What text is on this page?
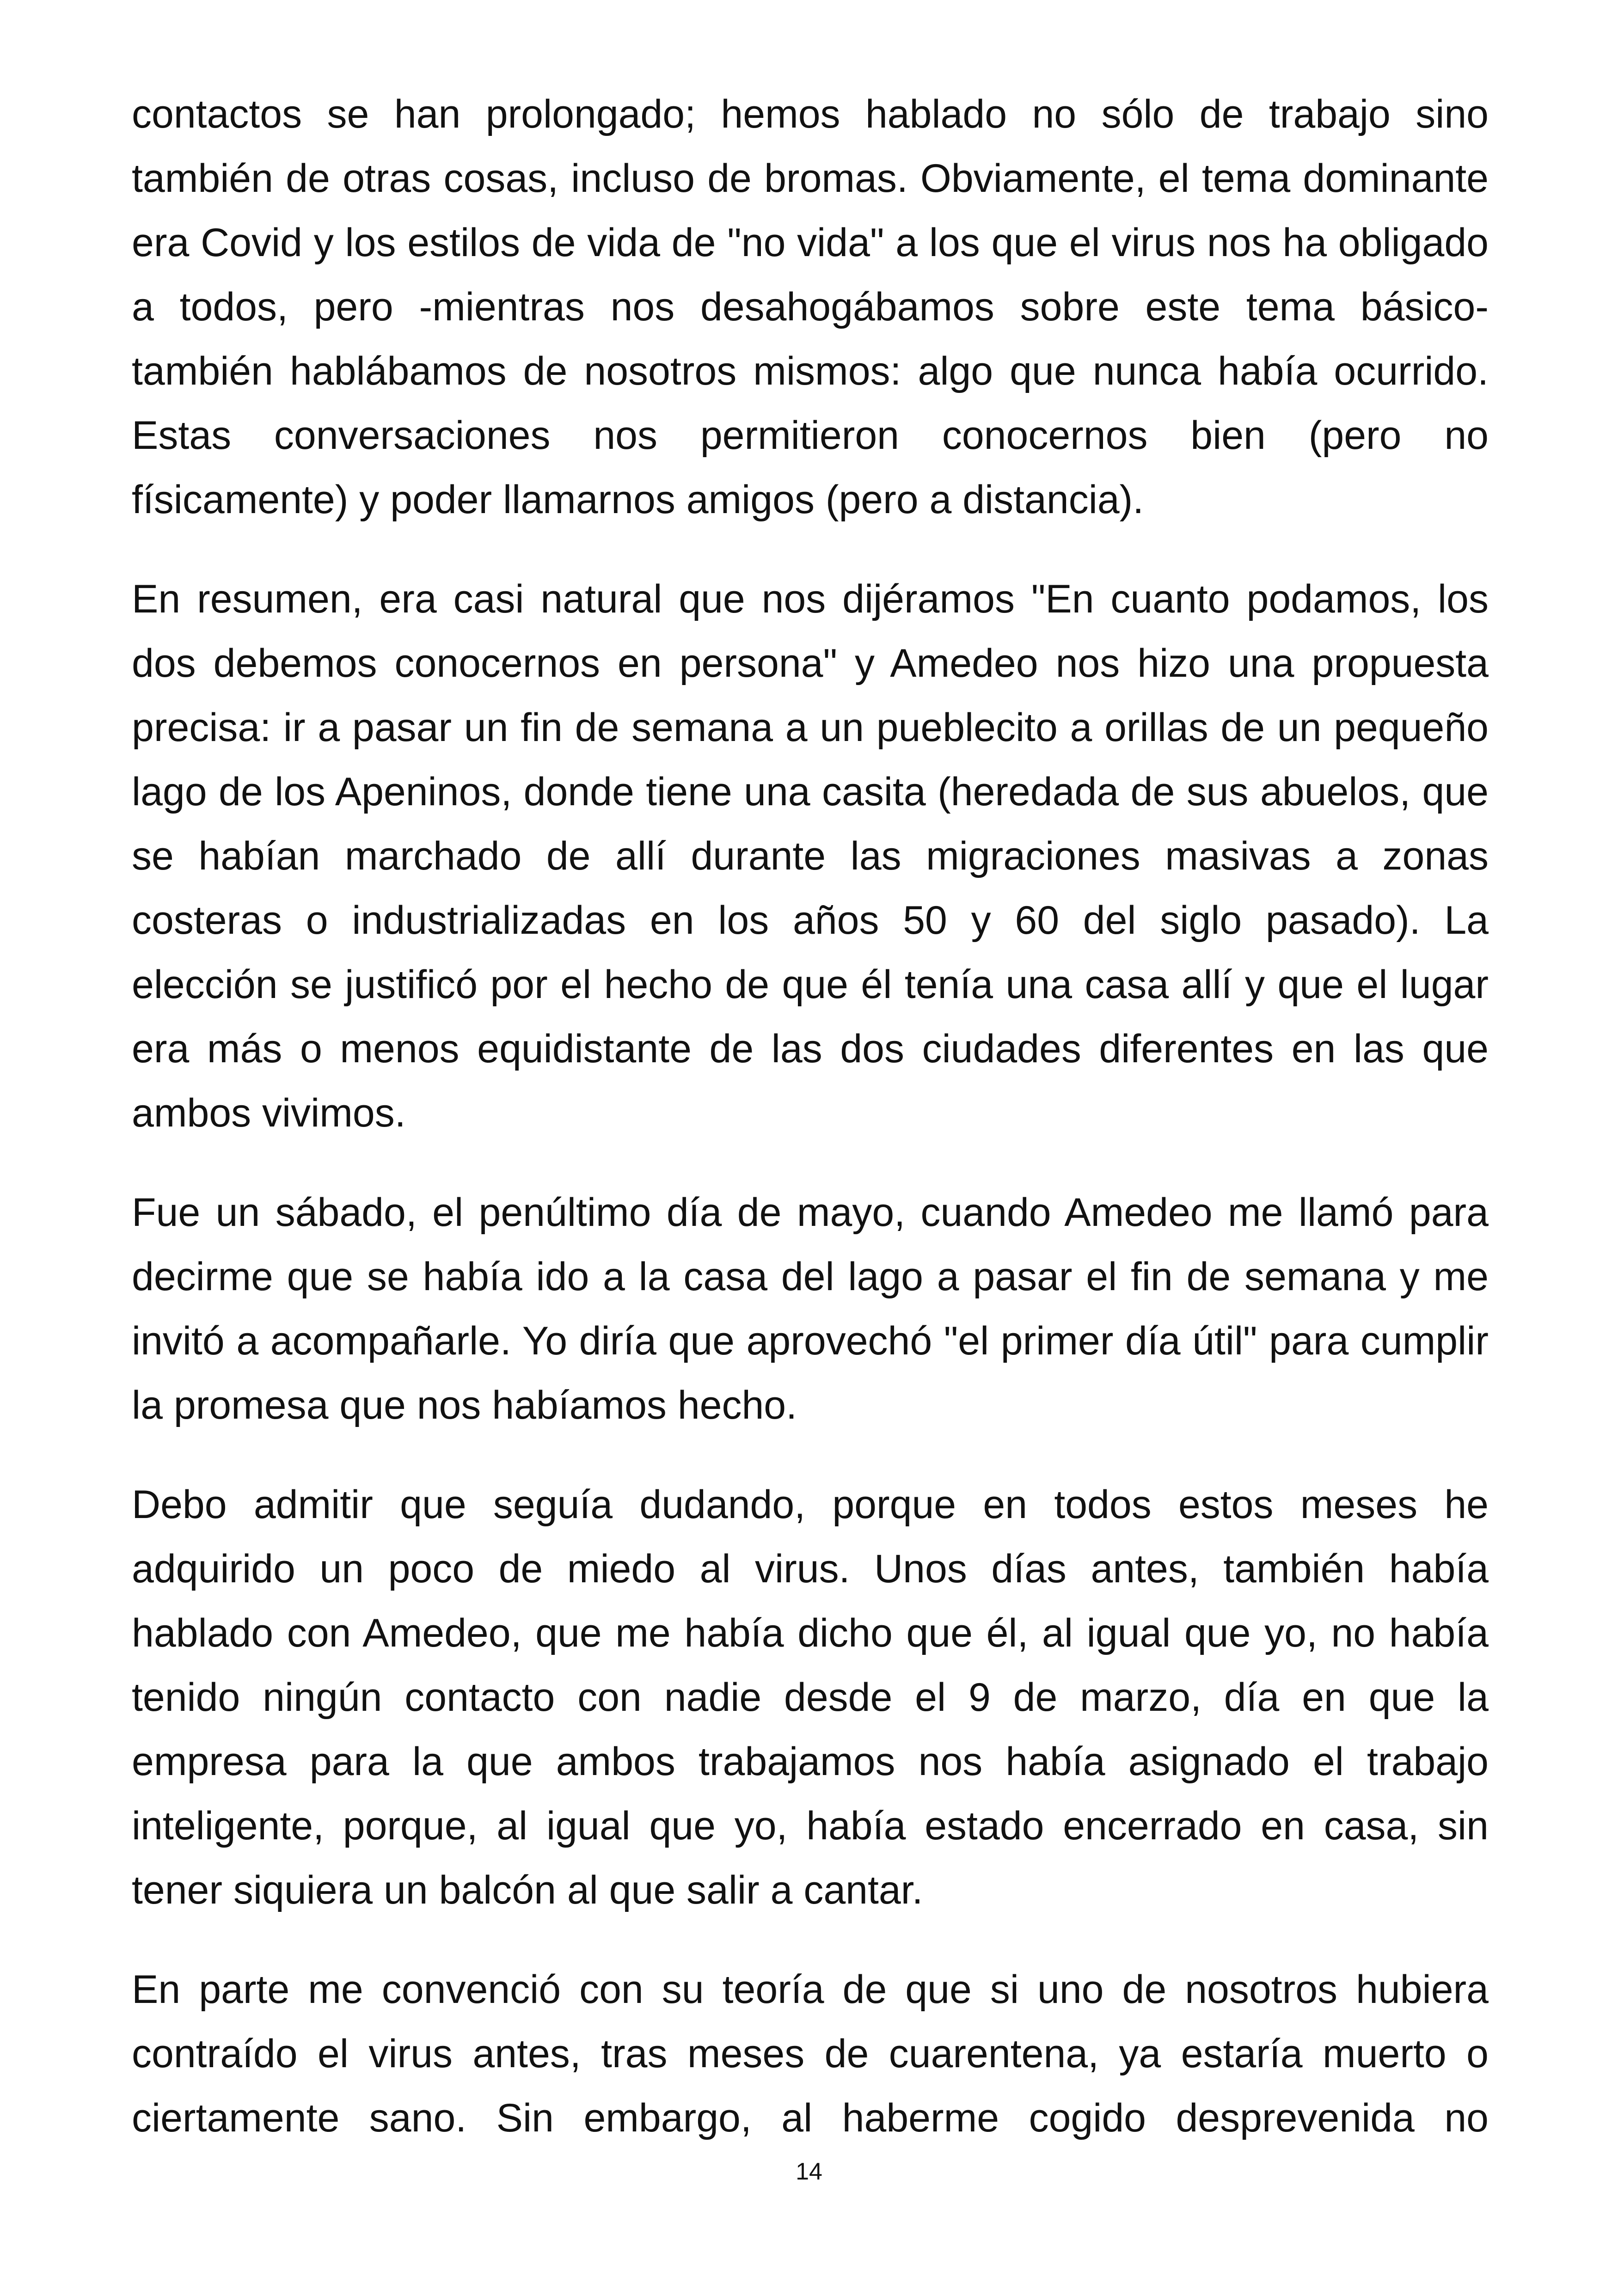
contactos se han prolongado; hemos hablado no sólo de trabajo sino también de otras cosas, incluso de bromas. Obviamente, el tema dominante era Covid y los estilos de vida de "no vida" a los que el virus nos ha obligado a todos, pero -mientras nos desahogábamos sobre este tema básico- también hablábamos de nosotros mismos: algo que nunca había ocurrido. Estas conversaciones nos permitieron conocernos bien (pero no físicamente) y poder llamarnos amigos (pero a distancia).

En resumen, era casi natural que nos dijéramos "En cuanto podamos, los dos debemos conocernos en persona" y Amedeo nos hizo una propuesta precisa: ir a pasar un fin de semana a un pueblecito a orillas de un pequeño lago de los Apeninos, donde tiene una casita (heredada de sus abuelos, que se habían marchado de allí durante las migraciones masivas a zonas costeras o industrializadas en los años 50 y 60 del siglo pasado). La elección se justificó por el hecho de que él tenía una casa allí y que el lugar era más o menos equidistante de las dos ciudades diferentes en las que ambos vivimos.

Fue un sábado, el penúltimo día de mayo, cuando Amedeo me llamó para decirme que se había ido a la casa del lago a pasar el fin de semana y me invitó a acompañarle. Yo diría que aprovechó "el primer día útil" para cumplir la promesa que nos habíamos hecho.

Debo admitir que seguía dudando, porque en todos estos meses he adquirido un poco de miedo al virus. Unos días antes, también había hablado con Amedeo, que me había dicho que él, al igual que yo, no había tenido ningún contacto con nadie desde el 9 de marzo, día en que la empresa para la que ambos trabajamos nos había asignado el trabajo inteligente, porque, al igual que yo, había estado encerrado en casa, sin tener siquiera un balcón al que salir a cantar.

En parte me convenció con su teoría de que si uno de nosotros hubiera contraído el virus antes, tras meses de cuarentena, ya estaría muerto o ciertamente sano. Sin embargo, al haberme cogido desprevenida no

14
